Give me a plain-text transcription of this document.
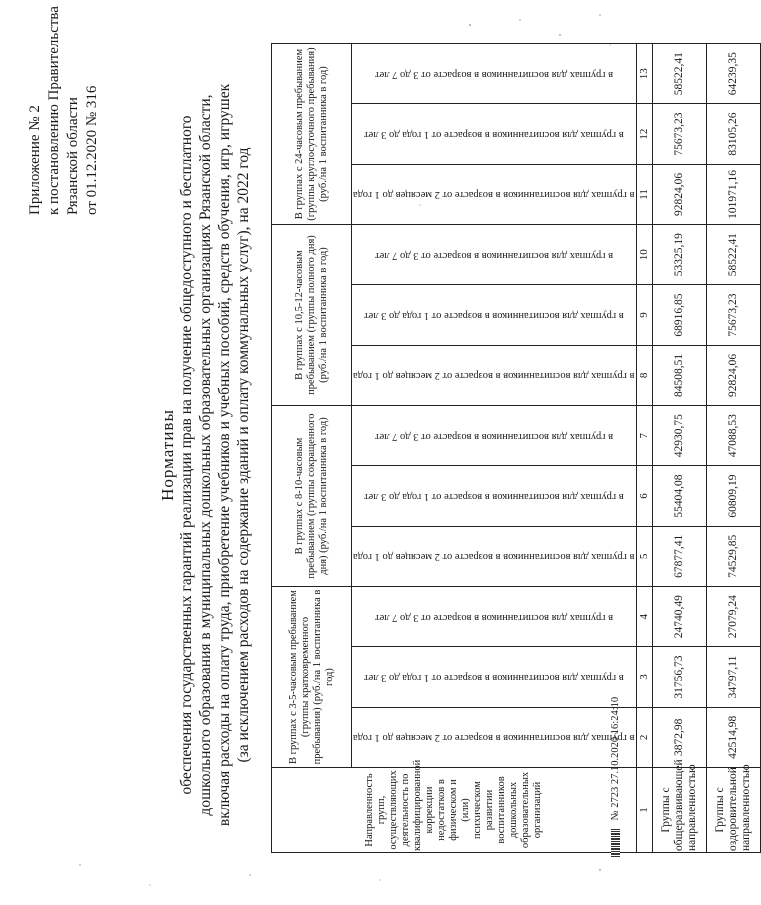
Приложение № 2 к постановлению Правительства Рязанской области от 01.12.2020 № 316
Нормативы обеспечения государственных гарантий реализации прав на получение общедоступного и бесплатного дошкольного образования в муниципальных дошкольных образовательных организациях Рязанской области, включая расходы на оплату труда, приобретение учебников и учебных пособий, средств обучения, игр, игрушек (за исключением расходов на содержание зданий и оплату коммунальных услуг), на 2022 год
Направленность групп, осуществляющих деятельность по квалифицированной коррекции недостатков в физическом и (или) психическом развитии воспитанников дошкольных образовательных организаций	В группах с 3-5-часовым пребыванием (группы кратковременного пребывания) (руб./на 1 воспитанника в год)			В группах с 8-10-часовым пребыванием (группы сокращенного дня) (руб./на 1 воспитанника в год)			В группах с 10,5-12-часовым пребыванием (группы полного дня) (руб./на 1 воспитанника в год)			В группах с 24-часовым пребыванием (группы круглосуточного пребывания) (руб./на 1 воспитанника в год)		

	в группах для воспитанников в возрасте от 2 месяцев до 1 года	в группах для воспитанников в возрасте от 1 года до 3 лет	в группах для воспитанников в возрасте от 3 до 7 лет	в группах для воспитанников в возрасте от 2 месяцев до 1 года	в группах для воспитанников в возрасте от 1 года до 3 лет	в группах для воспитанников в возрасте от 3 до 7 лет	в группах для воспитанников в возрасте от 2 месяцев до 1 года	в группах для воспитанников в возрасте от 1 года до 3 лет	в группах для воспитанников в возрасте от 3 до 7 лет	в группах для воспитанников в возрасте от 2 месяцев до 1 года	в группах для воспитанников в возрасте от 1 года до 3 лет	в группах для воспитанников в возрасте от 3 до 7 лет

1	2	3	4	5	6	7	8	9	10	11	12	13
Группы с общеразвивающей направленностью	3872,98	31756,73	24740,49	67877,41	55404,08	42930,75	84508,51	68916,85	53325,19	92824,06	75673,23	58522,41
Группы с оздоровительной направленностью	42514,98	34797,11	27079,24	74529,85	60809,19	47088,53	92824,06	75673,23	58522,41	101971,16	83105,26	64239,35
№ 2723 27.10.2020 16:24:10
